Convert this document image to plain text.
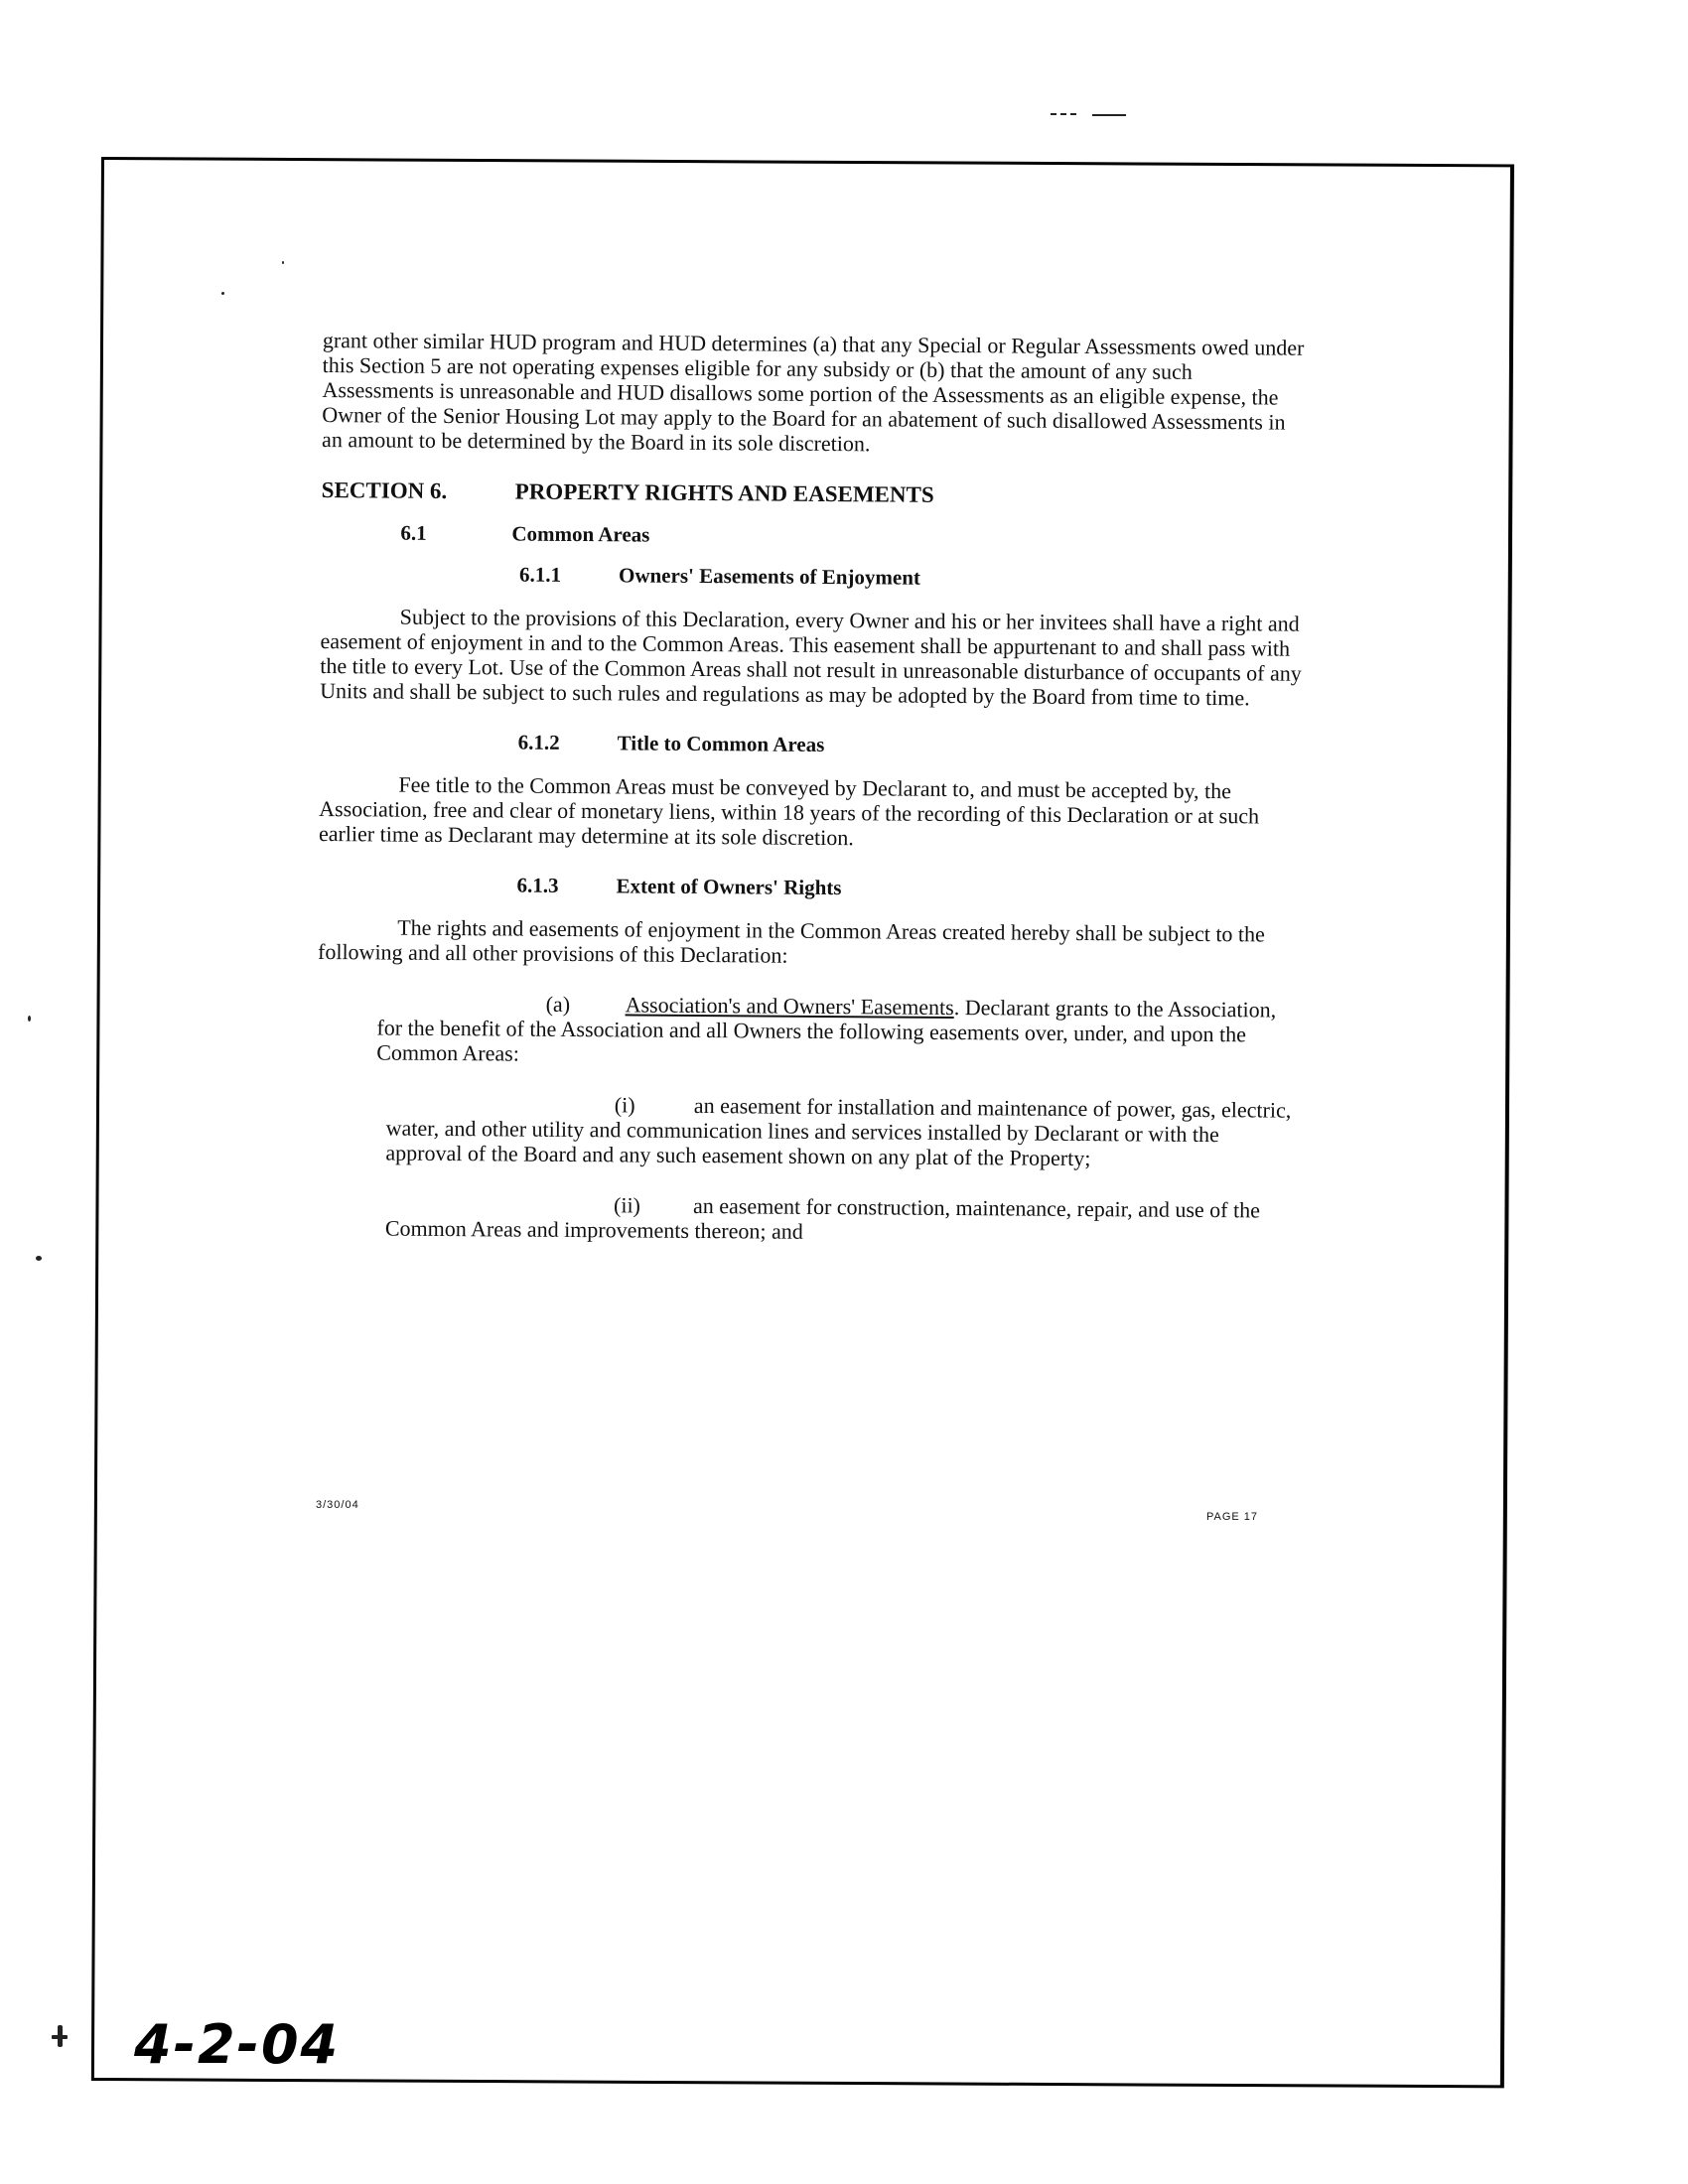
grant other similar HUD program and HUD determines (a) that any Special or Regular Assessments owed under this Section 5 are not operating expenses eligible for any subsidy or (b) that the amount of any such Assessments is unreasonable and HUD disallows some portion of the Assessments as an eligible expense, the Owner of the Senior Housing Lot may apply to the Board for an abatement of such disallowed Assessments in an amount to be determined by the Board in its sole discretion.

SECTION 6.	PROPERTY RIGHTS AND EASEMENTS
6.1	Common Areas
6.1.1	Owners' Easements of Enjoyment

Subject to the provisions of this Declaration, every Owner and his or her invitees shall have a right and easement of enjoyment in and to the Common Areas. This easement shall be appurtenant to and shall pass with the title to every Lot. Use of the Common Areas shall not result in unreasonable disturbance of occupants of any Units and shall be subject to such rules and regulations as may be adopted by the Board from time to time.

6.1.2	Title to Common Areas

Fee title to the Common Areas must be conveyed by Declarant to, and must be accepted by, the Association, free and clear of monetary liens, within 18 years of the recording of this Declaration or at such earlier time as Declarant may determine at its sole discretion.

6.1.3	Extent of Owners' Rights

The rights and easements of enjoyment in the Common Areas created hereby shall be subject to the following and all other provisions of this Declaration:

(a)	Association's and Owners' Easements. Declarant grants to the Association, for the benefit of the Association and all Owners the following easements over, under, and upon the Common Areas:

(i)	an easement for installation and maintenance of power, gas, electric, water, and other utility and communication lines and services installed by Declarant or with the approval of the Board and any such easement shown on any plat of the Property;

(ii) an easement for construction, maintenance, repair, and use of the Common Areas and improvements thereon; and

3/30/04
PAGE 17
4-2-04
